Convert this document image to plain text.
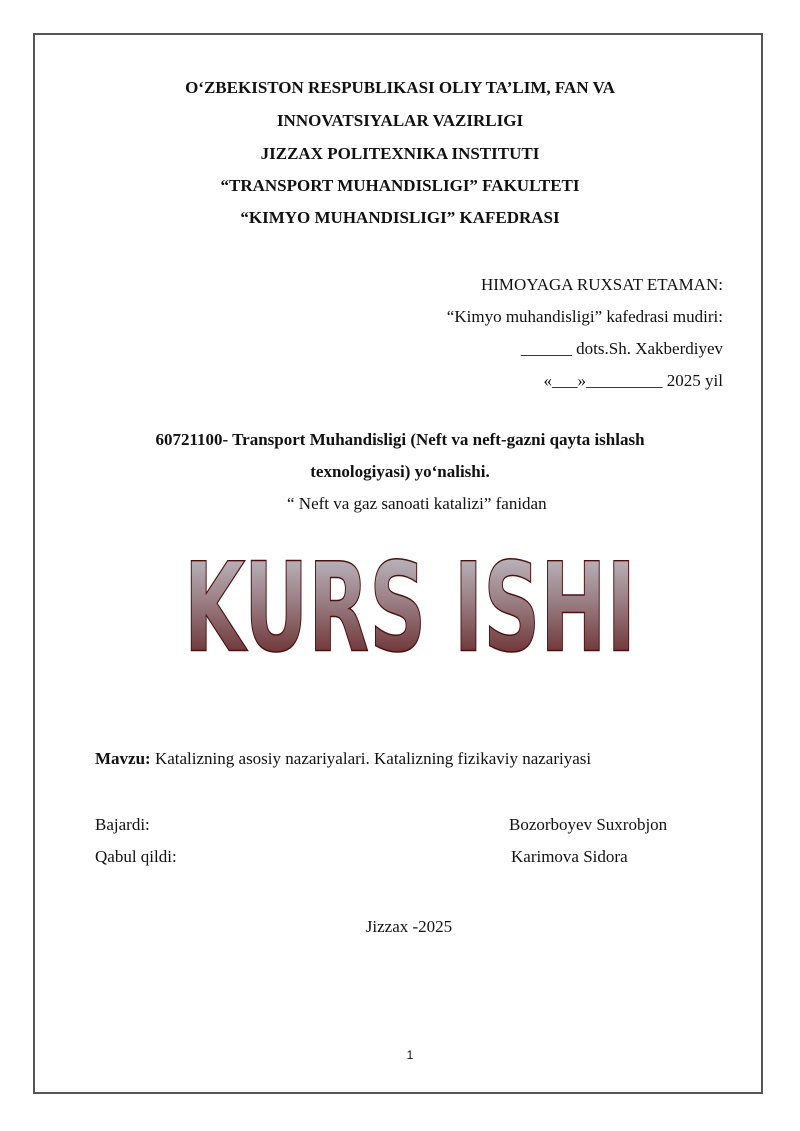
O‘ZBEKISTON RESPUBLIKASI OLIY TA’LIM, FAN VA
INNOVATSIYALAR VAZIRLIGI
JIZZAX POLITEXNIKA INSTITUTI
“TRANSPORT MUHANDISLIGI” FAKULTETI
“KIMYO MUHANDISLIGI” KAFEDRASI
HIMOYAGA RUXSAT ETAMAN:
“Kimyo muhandisligi” kafedrasi mudiri:
______ dots.Sh. Xakberdiyev
«___»_________ 2025 yil
60721100- Transport Muhandisligi (Neft va neft-gazni qayta ishlash
texnologiyasi) yo‘nalishi.
“ Neft va gaz sanoati katalizi” fanidan
KURS ISHI
Mavzu: Katalizning asosiy nazariyalari. Katalizning fizikaviy nazariyasi
Bajardi:	Bozorboyev Suxrobjon
Qabul qildi:	Karimova Sidora
Jizzax -2025
1
